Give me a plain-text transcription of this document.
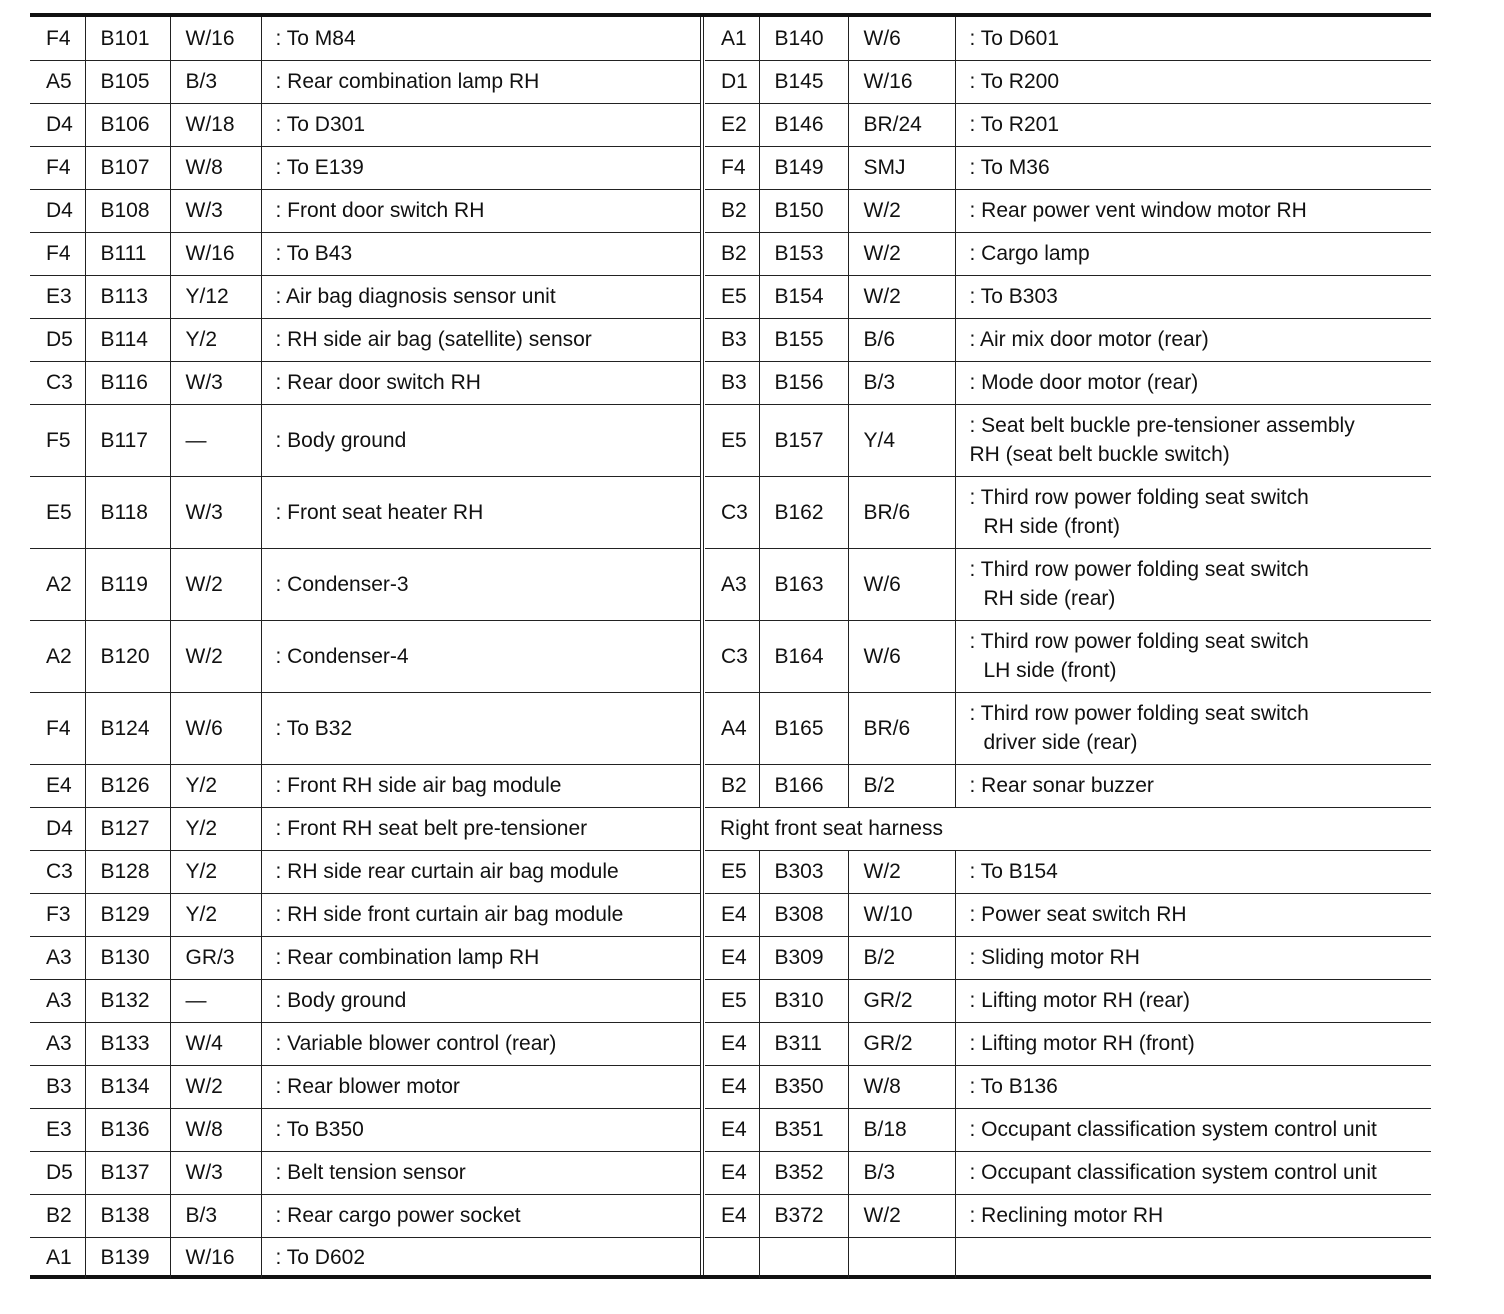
F4	B101	W/16	: To M84

A5	B105	B/3	: Rear combination lamp RH

D4	B106	W/18	: To D301

F4	B107	W/8	: To E139

D4	B108	W/3	: Front door switch RH

F4	B111	W/16	: To B43

E3	B113	Y/12	: Air bag diagnosis sensor unit

D5	B114	Y/2	: RH side air bag (satellite) sensor

C3	B116	W/3	: Rear door switch RH

F5	B117	—	: Body ground

E5	B118	W/3	: Front seat heater RH

A2	B119	W/2	: Condenser-3

A2	B120	W/2	: Condenser-4

F4	B124	W/6	: To B32

E4	B126	Y/2	: Front RH side air bag module

D4	B127	Y/2	: Front RH seat belt pre-tensioner

C3	B128	Y/2	: RH side rear curtain air bag module

F3	B129	Y/2	: RH side front curtain air bag module

A3	B130	GR/3	: Rear combination lamp RH

A3	B132	—	: Body ground

A3	B133	W/4	: Variable blower control (rear)

B3	B134	W/2	: Rear blower motor

E3	B136	W/8	: To B350

D5	B137	W/3	: Belt tension sensor

B2	B138	B/3	: Rear cargo power socket

A1	B139	W/16	: To D602
A1	B140	W/6	: To D601

D1	B145	W/16	: To R200

E2	B146	BR/24	: To R201

F4	B149	SMJ	: To M36

B2	B150	W/2	: Rear power vent window motor RH

B2	B153	W/2	: Cargo lamp

E5	B154	W/2	: To B303

B3	B155	B/6	: Air mix door motor (rear)

B3	B156	B/3	: Mode door motor (rear)

E5	B157	Y/4	: Seat belt buckle pre-tensioner assembly
RH (seat belt buckle switch)

C3	B162	BR/6	: Third row power folding seat switch
RH side (front)

A3	B163	W/6	: Third row power folding seat switch
RH side (rear)

C3	B164	W/6	: Third row power folding seat switch
LH side (front)

A4	B165	BR/6	: Third row power folding seat switch
driver side (rear)

B2	B166	B/2	: Rear sonar buzzer

Right front seat harness			
E5	B303	W/2	: To B154

E4	B308	W/10	: Power seat switch RH

E4	B309	B/2	: Sliding motor RH

E5	B310	GR/2	: Lifting motor RH (rear)

E4	B311	GR/2	: Lifting motor RH (front)

E4	B350	W/8	: To B136

E4	B351	B/18	: Occupant classification system control unit

E4	B352	B/3	: Occupant classification system control unit

E4	B372	W/2	: Reclining motor RH
